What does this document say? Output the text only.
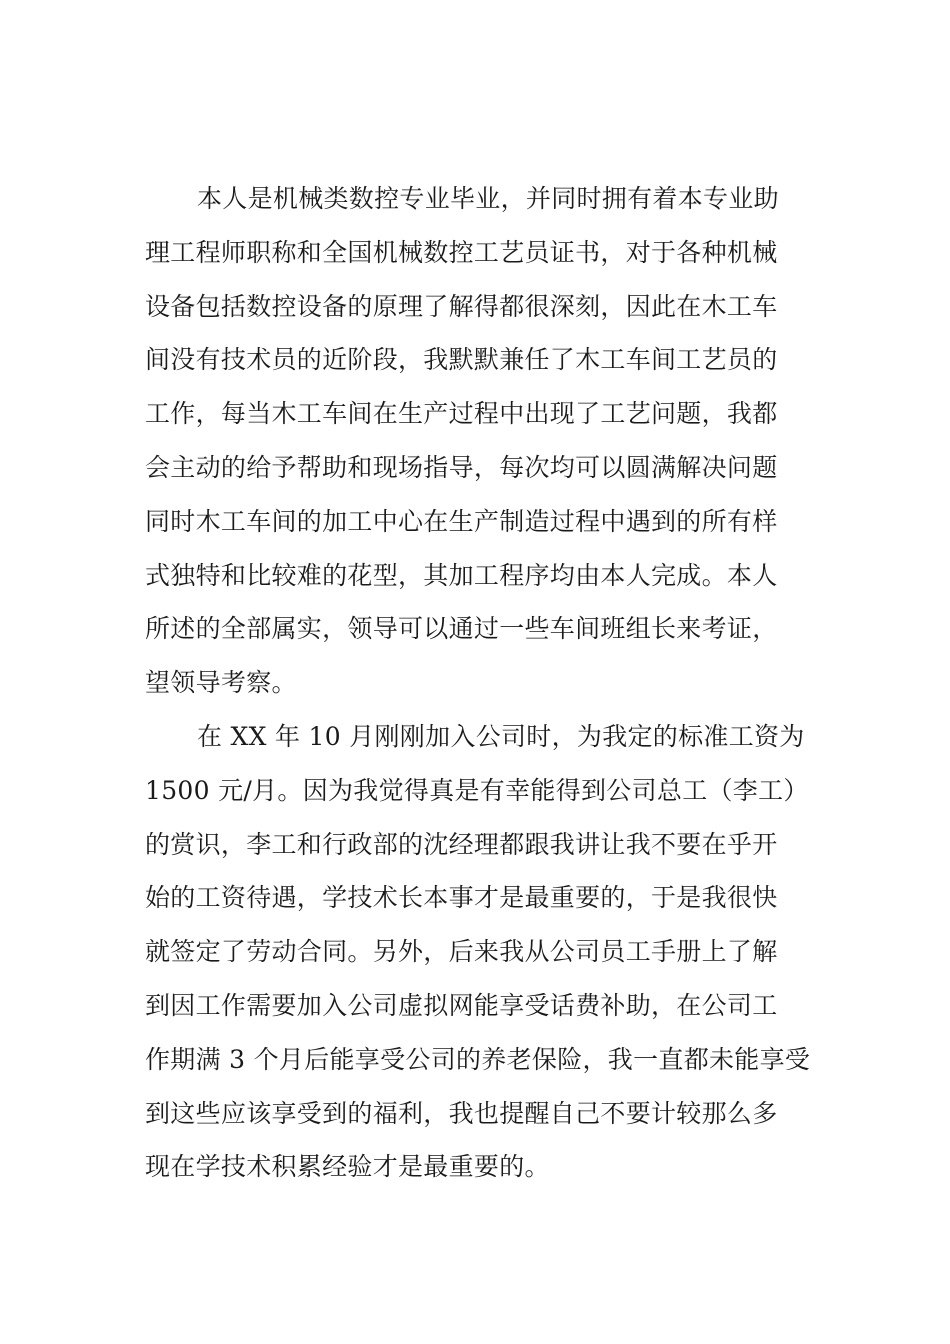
本人是机械类数控专业毕业，并同时拥有着本专业助
理工程师职称和全国机械数控工艺员证书，对于各种机械
设备包括数控设备的原理了解得都很深刻，因此在木工车
间没有技术员的近阶段，我默默兼任了木工车间工艺员的
工作，每当木工车间在生产过程中出现了工艺问题，我都
会主动的给予帮助和现场指导，每次均可以圆满解决问题
同时木工车间的加工中心在生产制造过程中遇到的所有样
式独特和比较难的花型，其加工程序均由本人完成。本人
所述的全部属实，领导可以通过一些车间班组长来考证，
望领导考察。
在 XX 年 10 月刚刚加入公司时，为我定的标准工资为
1500 元/月。因为我觉得真是有幸能得到公司总工（李工）
的赏识，李工和行政部的沈经理都跟我讲让我不要在乎开
始的工资待遇，学技术长本事才是最重要的，于是我很快
就签定了劳动合同。另外，后来我从公司员工手册上了解
到因工作需要加入公司虚拟网能享受话费补助，在公司工
作期满 3 个月后能享受公司的养老保险，我一直都未能享受
到这些应该享受到的福利，我也提醒自己不要计较那么多
现在学技术积累经验才是最重要的。
